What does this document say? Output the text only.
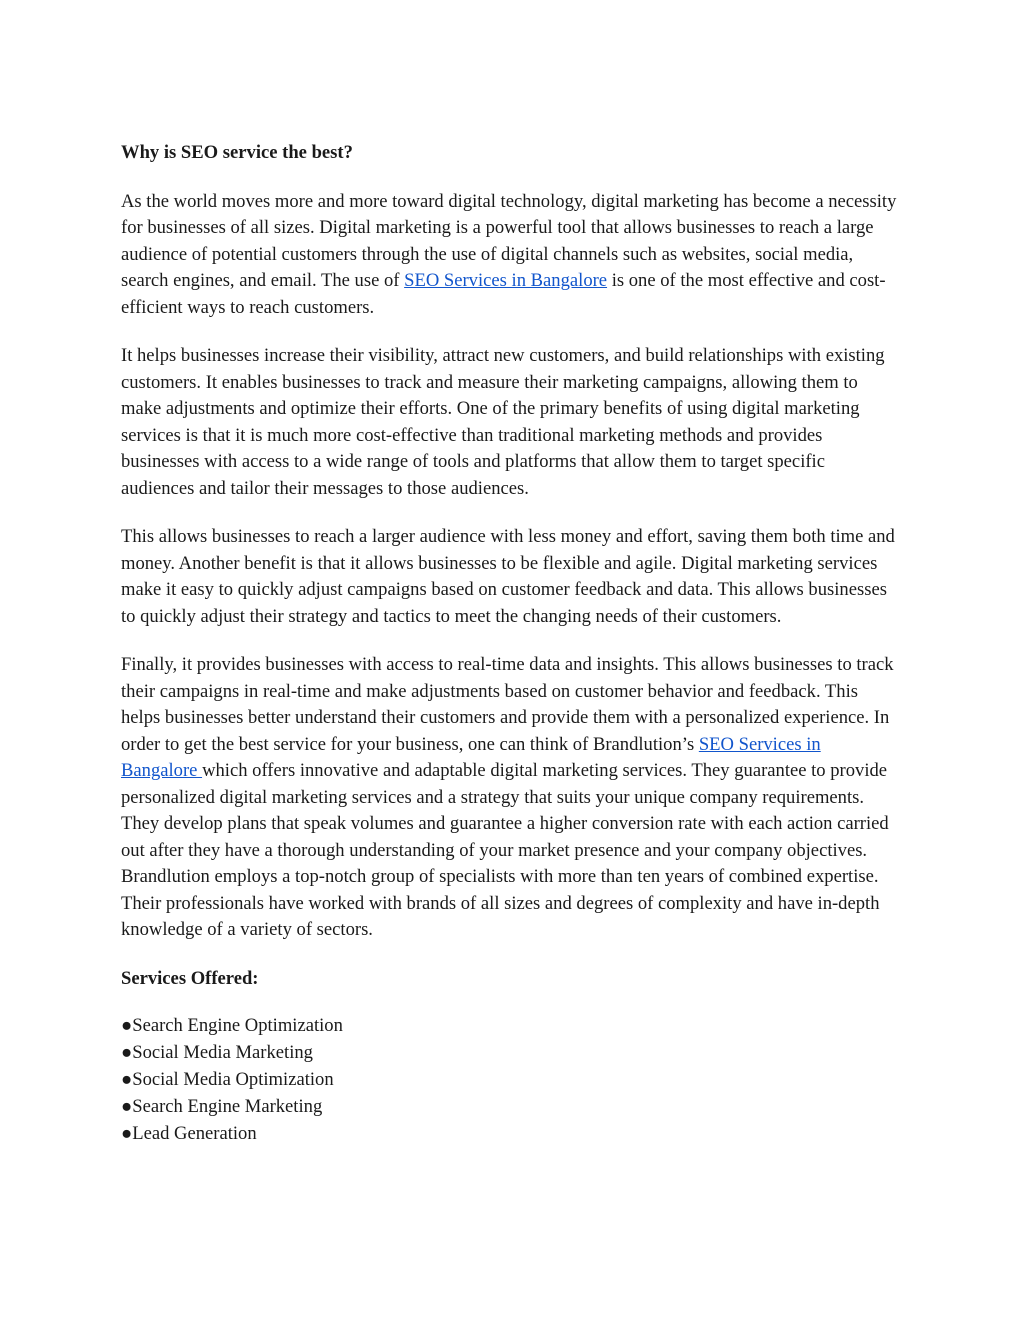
Why is SEO service the best?

As the world moves more and more toward digital technology, digital marketing has become a necessity for businesses of all sizes. Digital marketing is a powerful tool that allows businesses to reach a large audience of potential customers through the use of digital channels such as websites, social media, search engines, and email. The use of SEO Services in Bangalore is one of the most effective and cost-efficient ways to reach customers.

It helps businesses increase their visibility, attract new customers, and build relationships with existing customers. It enables businesses to track and measure their marketing campaigns, allowing them to make adjustments and optimize their efforts. One of the primary benefits of using digital marketing services is that it is much more cost-effective than traditional marketing methods and provides businesses with access to a wide range of tools and platforms that allow them to target specific audiences and tailor their messages to those audiences.

This allows businesses to reach a larger audience with less money and effort, saving them both time and money. Another benefit is that it allows businesses to be flexible and agile. Digital marketing services make it easy to quickly adjust campaigns based on customer feedback and data. This allows businesses to quickly adjust their strategy and tactics to meet the changing needs of their customers.

Finally, it provides businesses with access to real-time data and insights. This allows businesses to track their campaigns in real-time and make adjustments based on customer behavior and feedback. This helps businesses better understand their customers and provide them with a personalized experience. In order to get the best service for your business, one can think of Brandlution’s SEO Services in Bangalore which offers innovative and adaptable digital marketing services. They guarantee to provide personalized digital marketing services and a strategy that suits your unique company requirements. They develop plans that speak volumes and guarantee a higher conversion rate with each action carried out after they have a thorough understanding of your market presence and your company objectives. Brandlution employs a top-notch group of specialists with more than ten years of combined expertise. Their professionals have worked with brands of all sizes and degrees of complexity and have in-depth knowledge of a variety of sectors.

Services Offered:
●Search Engine Optimization
●Social Media Marketing
●Social Media Optimization
●Search Engine Marketing
●Lead Generation
